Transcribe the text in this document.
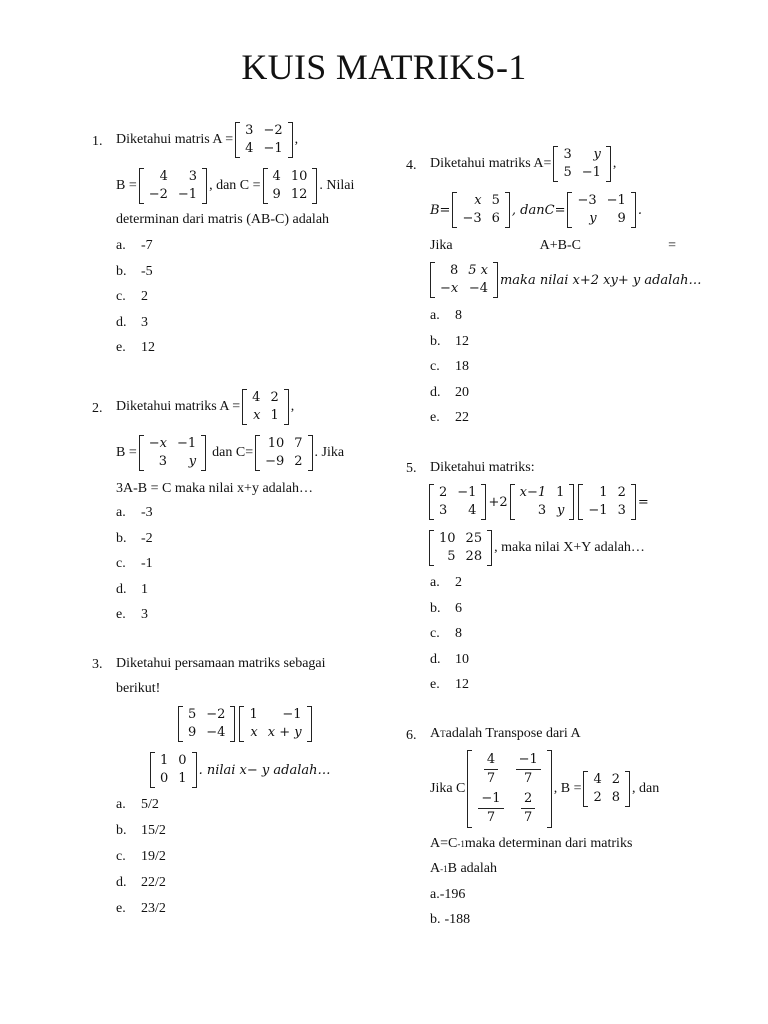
KUIS MATRIKS-1
1. Diketahui matris A =
3	−2
4	−1
,
B =
4	3
−2	−1
, dan C =
4	10
9	12
. Nilai
determinan dari matris (AB-C) adalah
a.	-7
b.	-5
c.	2
d.	3
e.	12
2. Diketahui matriks A =
4	2
x	1
,
B =
−x	−1
3	y
dan C=
10	7
−9	2
. Jika
3A-B = C maka nilai x+y adalah…
a.	-3
b.	-2
c.	-1
d.	1
e.	3
3. Diketahui persamaan matriks sebagai
berikut!
5	−2
9	−4
1	−1
x	x + y
1	0
0	1
. nilai x− y adalah…
a.	5/2
b.	15/2
c.	19/2
d.	22/2
e.	23/2
4. Diketahui matriks A=
3	y
5	−1
,
B=
x	5
−3	6
, danC=
−3	−1
y	9
.
Jika	A+B-C	=
8	5 x
−x	−4
maka nilai x+2 xy+ y adalah…
a.	8
b.	12
c.	18
d.	20
e.	22
5. Diketahui matriks:
2	−1
3	4
+2
x−1	1
3	y
1	2
−1	3
=
10	25
5	28
, maka nilai X+Y adalah…
a.	2
b.	6
c.	8
d.	10
e.	12
6. A T adalah Transpose dari A
Jika C
$\frac{4}{7}$	$\frac{-1}{7}$

$\frac{-1}{7}$	$\frac{2}{7}$
, B =
4	2
2	8
, dan
A=C -1 maka determinan dari matriks
A -1 B adalah
a. -196
b. -188
